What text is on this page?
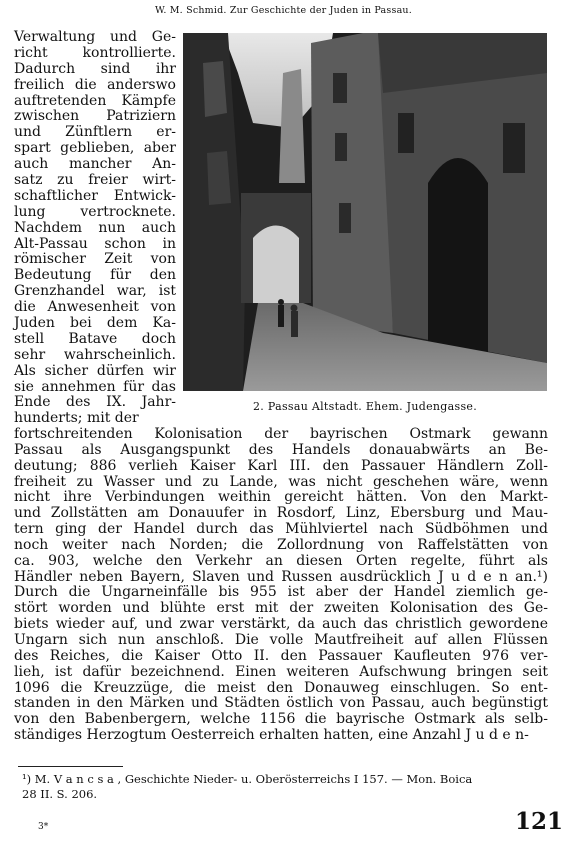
W. M. Schmid. Zur Geschichte der Juden in Passau.
2. Passau Altstadt. Ehem. Judengasse.
Verwaltung und Ge-
richt kontrollierte.
Dadurch sind ihr
freilich die anderswo
auftretenden Kämpfe
zwischen Patriziern
und Zünftlern er-
spart geblieben, aber
auch mancher An-
satz zu freier wirt-
schaftlicher Entwick-
lung vertrocknete.
Nachdem nun auch
Alt-Passau schon in
römischer Zeit von
Bedeutung für den
Grenzhandel war, ist
die Anwesenheit von
Juden bei dem Ka-
stell Batave doch
sehr wahrscheinlich.
Als sicher dürfen wir
sie annehmen für das
Ende des IX. Jahr-
hunderts; mit der
fortschreitenden Kolonisation der bayrischen Ostmark gewann
Passau als Ausgangspunkt des Handels donauabwärts an Be-
deutung; 886 verlieh Kaiser Karl III. den Passauer Händlern Zoll-
freiheit zu Wasser und zu Lande, was nicht geschehen wäre, wenn
nicht ihre Verbindungen weithin gereicht hätten. Von den Markt-
und Zollstätten am Donauufer in Rosdorf, Linz, Ebersburg und Mau-
tern ging der Handel durch das Mühlviertel nach Südböhmen und
noch weiter nach Norden; die Zollordnung von Raffelstätten von
ca. 903, welche den Verkehr an diesen Orten regelte, führt als
Händler neben Bayern, Slaven und Russen ausdrücklich J u d e n an.¹)
Durch die Ungarneinfälle bis 955 ist aber der Handel ziemlich ge-
stört worden und blühte erst mit der zweiten Kolonisation des Ge-
biets wieder auf, und zwar verstärkt, da auch das christlich gewordene
Ungarn sich nun anschloß. Die volle Mautfreiheit auf allen Flüssen
des Reiches, die Kaiser Otto II. den Passauer Kaufleuten 976 ver-
lieh, ist dafür bezeichnend. Einen weiteren Aufschwung bringen seit
1096 die Kreuzzüge, die meist den Donauweg einschlugen. So ent-
standen in den Märken und Städten östlich von Passau, auch begünstigt
von den Babenbergern, welche 1156 die bayrische Ostmark als selb-
ständiges Herzogtum Oesterreich erhalten hatten, eine Anzahl J u d e n-
¹) M. V a n c s a , Geschichte Nieder- u. Oberösterreichs I 157. — Mon. Boica
28 II. S. 206.
3*	121
